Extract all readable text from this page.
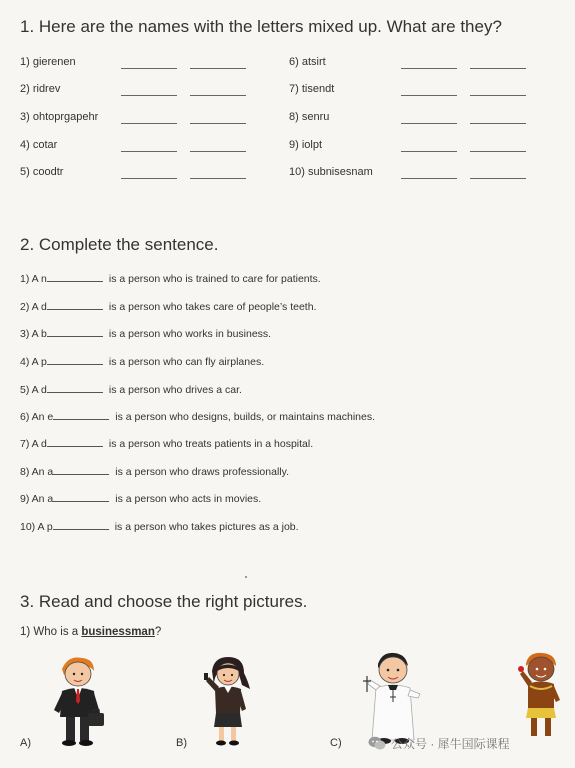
1. Here are the names with the letters mixed up. What are they?
1) gierenen
2) ridrev
3) ohtoprgapehr
4) cotar
5) coodtr
6) atsirt
7) tisendt
8) senru
9) iolpt
10) subnisesnam
2. Complete the sentence.
1) A n	is a person who is trained to care for patients.
2) A d	is a person who takes care of people’s teeth.
3) A b	is a person who works in business.
4) A p	is a person who can fly airplanes.
5) A d	is a person who drives a car.
6) An e	is a person who designs, builds, or maintains machines.
7) A d	is a person who treats patients in a hospital.
8) An a	is a person who draws professionally.
9) An a	is a person who acts in movies.
10) A p	is a person who takes pictures as a job.
3. Read and choose the right pictures.
1) Who is a businessman?
A)	B)	C)	公众号 · 犀牛国际课程
